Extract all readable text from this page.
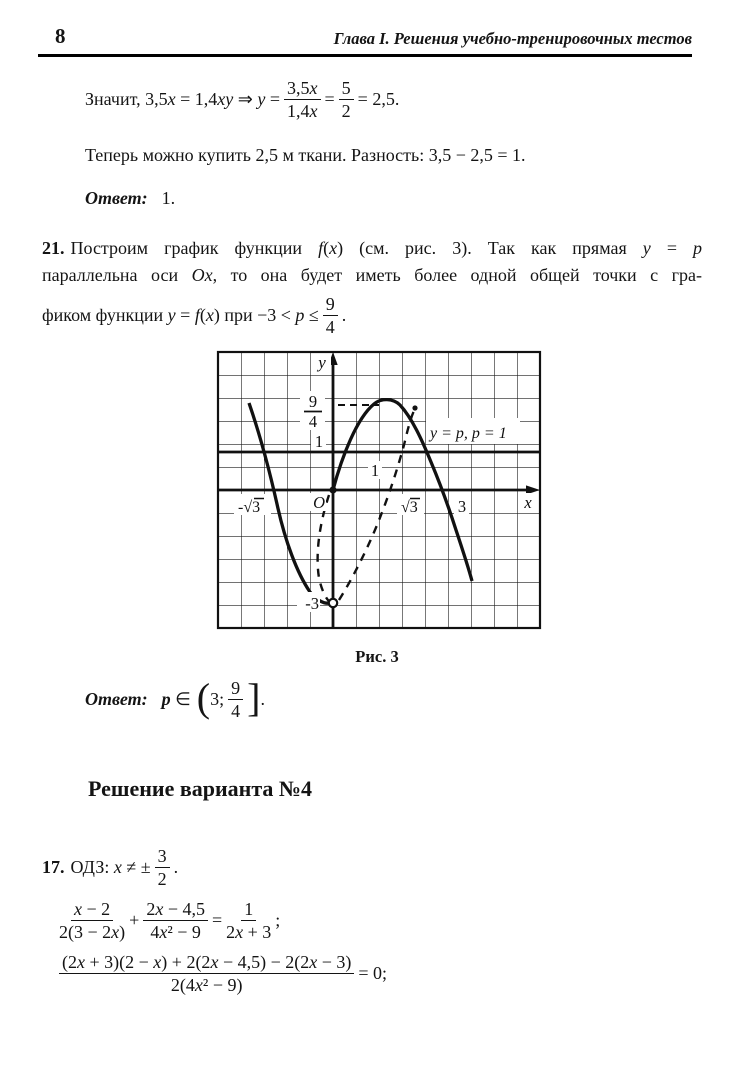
8	Глава I. Решения учебно-тренировочных тестов
Значит, 3,5x = 1,4xy ⇒ $y = \frac{3,5x}{1,4x} = \frac{5}{2} = 2,5$.
Теперь можно купить 2,5 м ткани. Разность: 3,5 − 2,5 = 1.
Ответ: 1.
21. Построим график функции f(x) (см. рис. 3). Так как прямая y = p
параллельна оси Ox, то она будет иметь более одной общей точки с гра-
фиком функции y = f(x) при $-3 < p \le \frac{9}{4}$ .
y
9
4
1
1
O	x
-√3	√3 3
-3
y = p, p = 1
Рис. 3
Ответ: p ∈ ( 3; $\frac{9}{4}$ ] .
Решение варианта №4
17. ОДЗ: x ≠ ± $\frac{3}{2}$ .
$\frac{x - 2}{2(3 - 2x)} + \frac{2x - 4,5}{\text{4x² − 9}} = \frac{1}{2x + 3}$ ;
$\frac{(2x + 3)(2 - x) + 2(2x - 4,5) - 2(2x - 3)}{\text{2(4x² − 9)}} = 0$;
